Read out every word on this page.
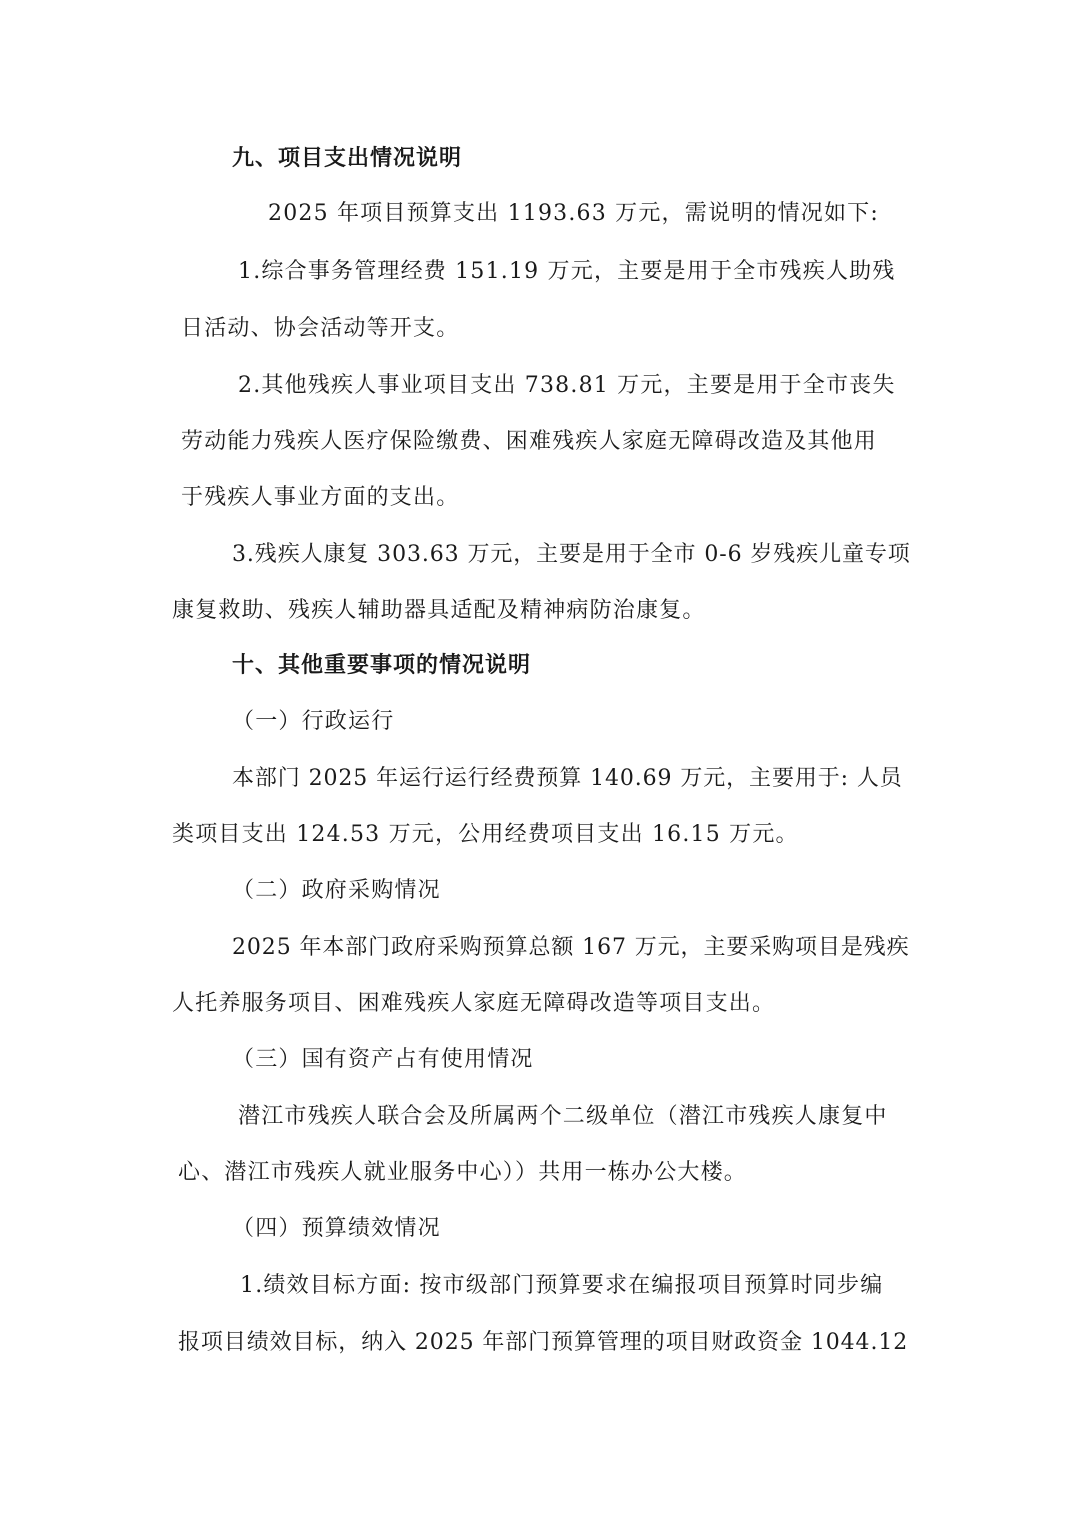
九、项目支出情况说明
2025 年项目预算支出 1193.63 万元，需说明的情况如下:
1.综合事务管理经费 151.19 万元，主要是用于全市残疾人助残
日活动、协会活动等开支。
2.其他残疾人事业项目支出 738.81 万元，主要是用于全市丧失
劳动能力残疾人医疗保险缴费、困难残疾人家庭无障碍改造及其他用
于残疾人事业方面的支出。
3.残疾人康复 303.63 万元，主要是用于全市 0-6 岁残疾儿童专项
康复救助、残疾人辅助器具适配及精神病防治康复。
十、其他重要事项的情况说明
（一）行政运行
本部门 2025 年运行运行经费预算 140.69 万元，主要用于: 人员
类项目支出 124.53 万元，公用经费项目支出 16.15 万元。
（二）政府采购情况
2025 年本部门政府采购预算总额 167 万元，主要采购项目是残疾
人托养服务项目、困难残疾人家庭无障碍改造等项目支出。
（三）国有资产占有使用情况
潜江市残疾人联合会及所属两个二级单位（潜江市残疾人康复中
心、潜江市残疾人就业服务中心））共用一栋办公大楼。
（四）预算绩效情况
1.绩效目标方面: 按市级部门预算要求在编报项目预算时同步编
报项目绩效目标，纳入 2025 年部门预算管理的项目财政资金 1044.12
